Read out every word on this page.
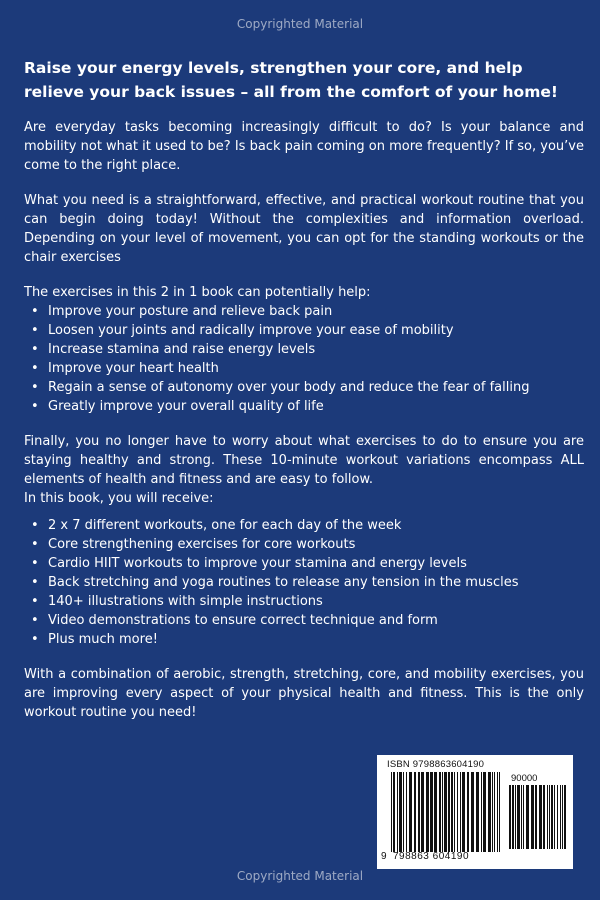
Copyrighted Material
Raise your energy levels, strengthen your core, and help relieve your back issues – all from the comfort of your home!

Are everyday tasks becoming increasingly difficult to do? Is your balance and mobility not what it used to be? Is back pain coming on more frequently? If so, you’ve come to the right place.

What you need is a straightforward, effective, and practical workout routine that you can begin doing today! Without the complexities and information overload. Depending on your level of movement, you can opt for the standing workouts or the chair exercises

The exercises in this 2 in 1 book can potentially help:

• Improve your posture and relieve back pain
• Loosen your joints and radically improve your ease of mobility
• Increase stamina and raise energy levels
• Improve your heart health
• Regain a sense of autonomy over your body and reduce the fear of falling
• Greatly improve your overall quality of life

Finally, you no longer have to worry about what exercises to do to ensure you are staying healthy and strong. These 10-minute workout variations encompass ALL elements of health and fitness and are easy to follow.

In this book, you will receive:

• 2 x 7 different workouts, one for each day of the week
• Core strengthening exercises for core workouts
• Cardio HIIT workouts to improve your stamina and energy levels
• Back stretching and yoga routines to release any tension in the muscles
• 140+ illustrations with simple instructions
• Video demonstrations to ensure correct technique and form
• Plus much more!

With a combination of aerobic, strength, stretching, core, and mobility exercises, you are improving every aspect of your physical health and fitness. This is the only workout routine you need!

ISBN 9798863604190
90000
9 798863 604190
Copyrighted Material
